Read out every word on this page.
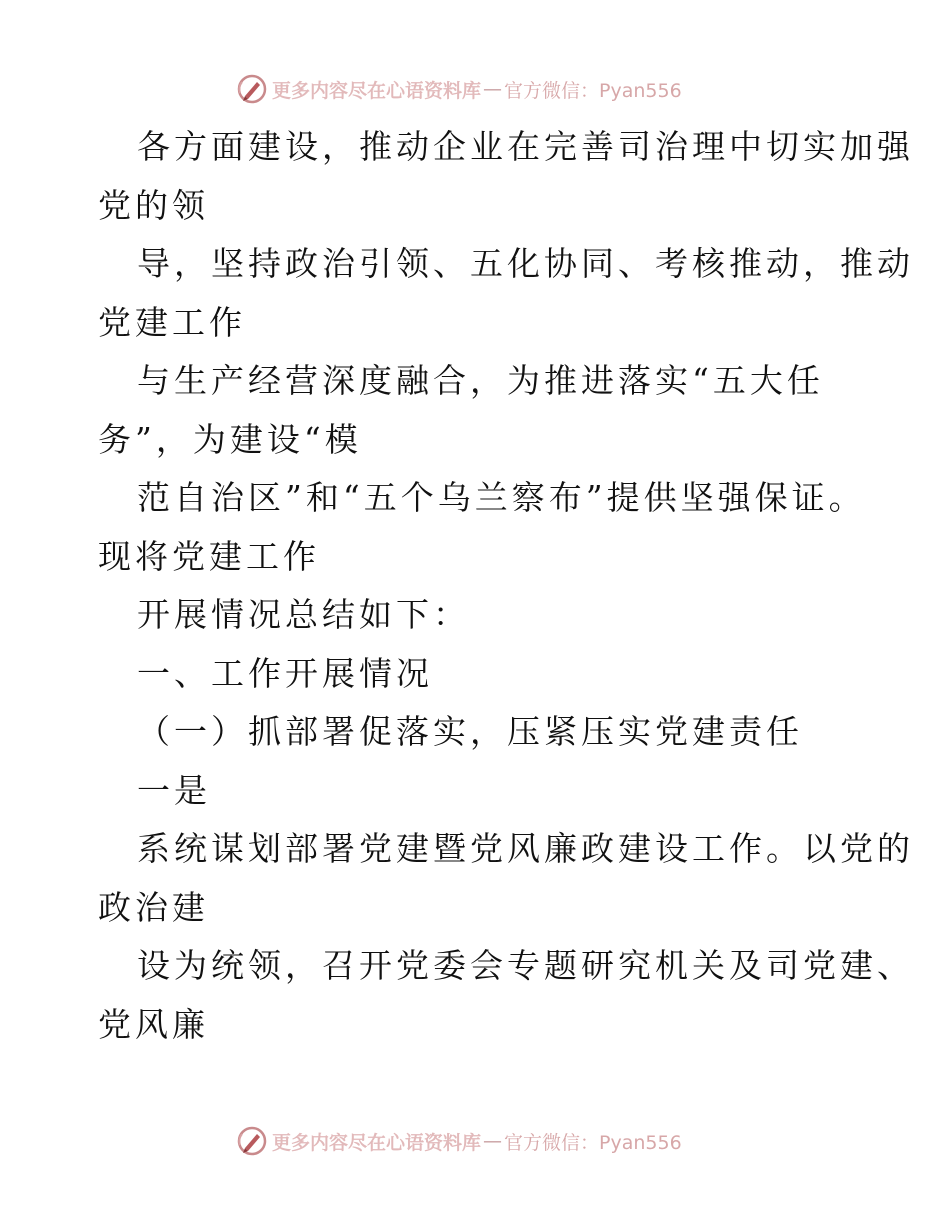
更多内容尽在心语资料库 — 官方微信：Pyan556
各方面建设，推动企业在完善司治理中切实加强
党的领
导，坚持政治引领、五化协同、考核推动，推动
党建工作
与生产经营深度融合，为推进落实“五大任
务”，为建设“模
范自治区”和“五个乌兰察布”提供坚强保证。
现将党建工作
开展情况总结如下：
一、工作开展情况
（一）抓部署促落实，压紧压实党建责任
一是
系统谋划部署党建暨党风廉政建设工作。以党的
政治建
设为统领，召开党委会专题研究机关及司党建、
党风廉
更多内容尽在心语资料库 — 官方微信：Pyan556
